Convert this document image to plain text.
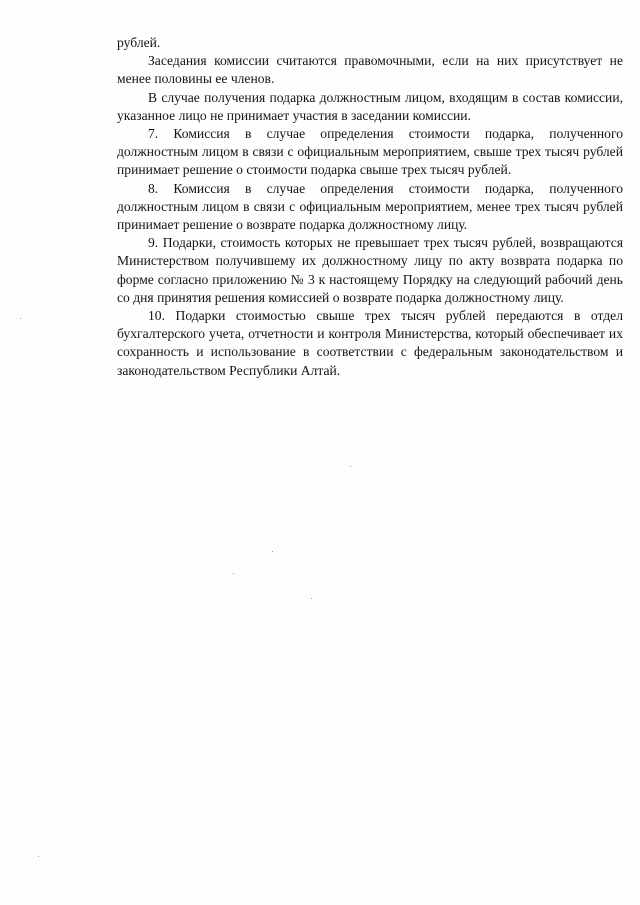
рублей.

Заседания комиссии считаются правомочными, если на них присутствует не менее половины ее членов.

В случае получения подарка должностным лицом, входящим в состав комиссии, указанное лицо не принимает участия в заседании комиссии.

7. Комиссия в случае определения стоимости подарка, полученного должностным лицом в связи с официальным мероприятием, свыше трех тысяч рублей принимает решение о стоимости подарка свыше трех тысяч рублей.

8. Комиссия в случае определения стоимости подарка, полученного должностным лицом в связи с официальным мероприятием, менее трех тысяч рублей принимает решение о возврате подарка должностному лицу.

9. Подарки, стоимость которых не превышает трех тысяч рублей, возвращаются Министерством получившему их должностному лицу по акту возврата подарка по форме согласно приложению № 3 к настоящему Порядку на следующий рабочий день со дня принятия решения комиссией о возврате подарка должностному лицу.

10. Подарки стоимостью свыше трех тысяч рублей передаются в отдел бухгалтерского учета, отчетности и контроля Министерства, который обеспечивает их сохранность и использование в соответствии с федеральным законодательством и законодательством Республики Алтай.
